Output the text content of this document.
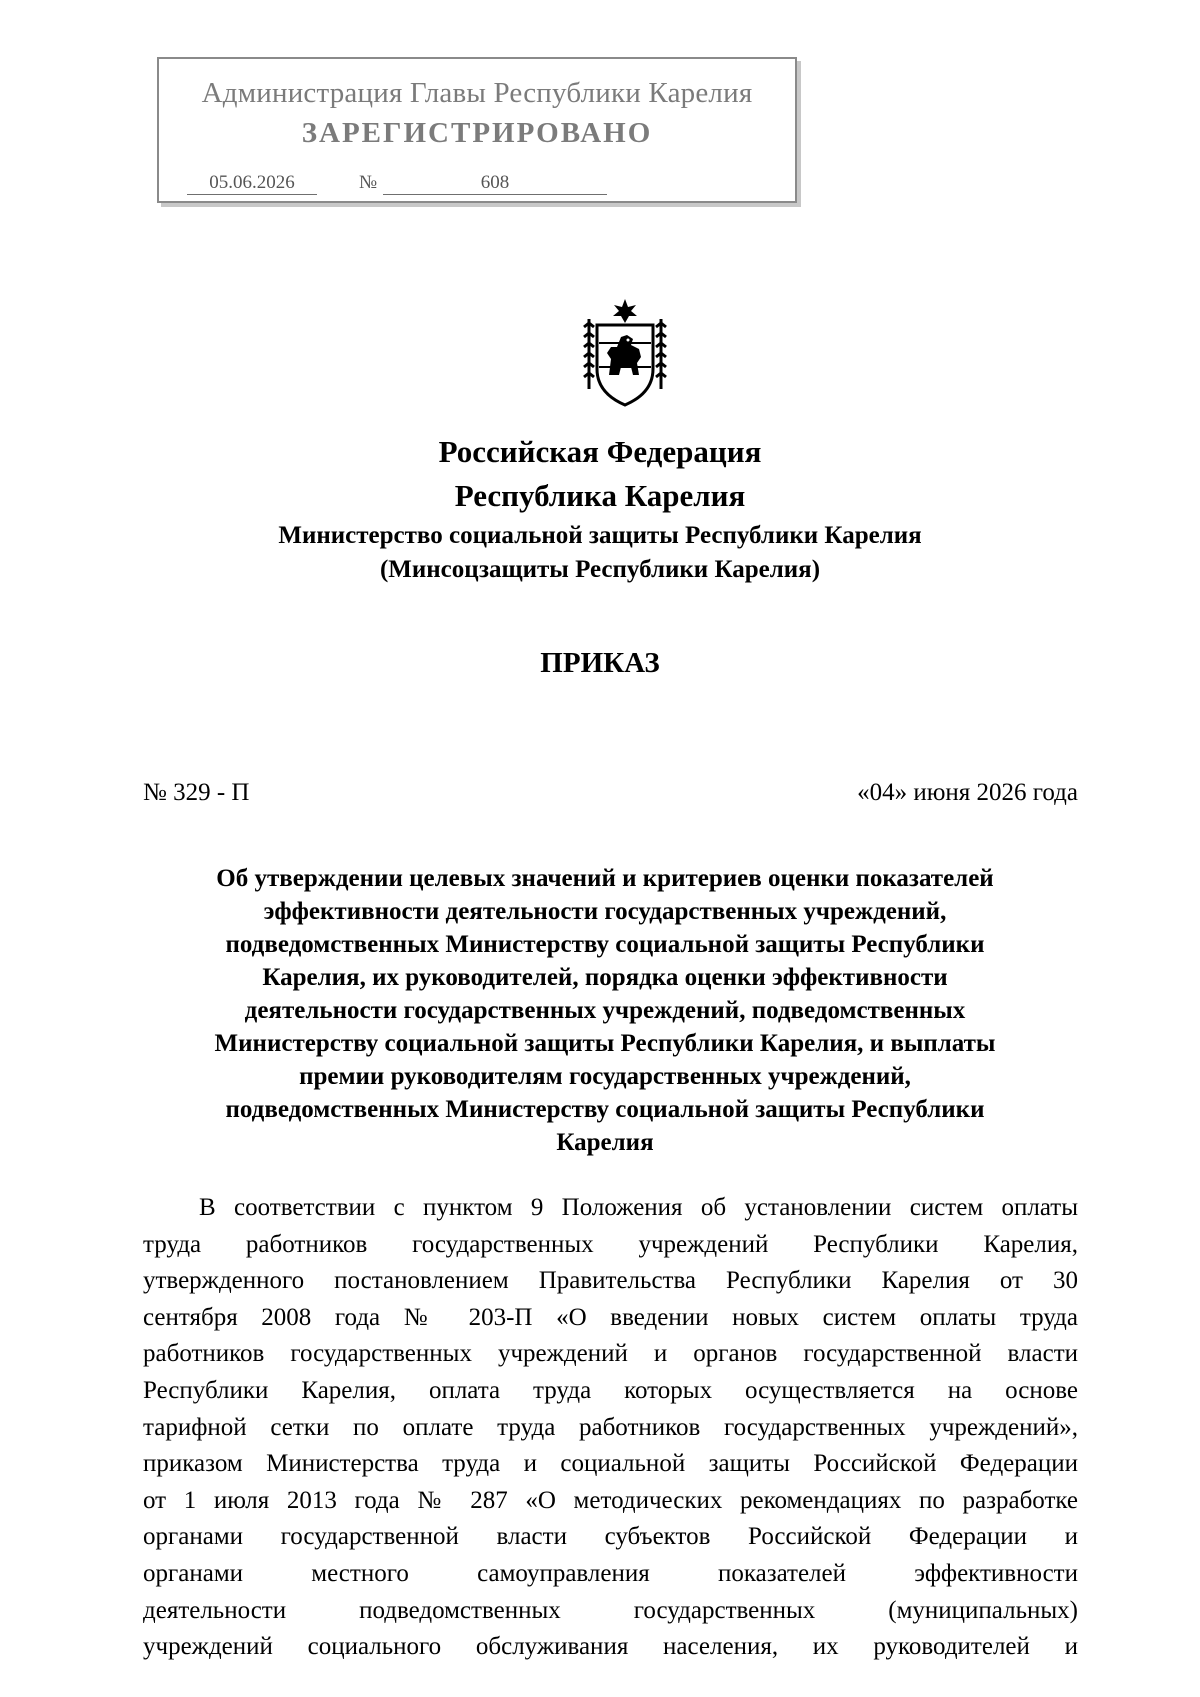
Администрация Главы Республики Карелия
ЗАРЕГИСТРИРОВАНО
05.06.2026	№	608
Российская Федерация
Республика Карелия
Министерство социальной защиты Республики Карелия
(Минсоцзащиты Республики Карелия)
ПРИКАЗ
№ 329 - П	«04» июня 2026 года
Об утверждении целевых значений и критериев оценки показателей
эффективности деятельности государственных учреждений,
подведомственных Министерству социальной защиты Республики
Карелия, их руководителей, порядка оценки эффективности
деятельности государственных учреждений, подведомственных
Министерству социальной защиты Республики Карелия, и выплаты
премии руководителям государственных учреждений,
подведомственных Министерству социальной защиты Республики
Карелия
В соответствии с пунктом 9 Положения об установлении систем оплаты
труда работников государственных учреждений Республики Карелия,
утвержденного постановлением Правительства Республики Карелия от 30
сентября 2008 года № 203-П «О введении новых систем оплаты труда
работников государственных учреждений и органов государственной власти
Республики Карелия, оплата труда которых осуществляется на основе
тарифной сетки по оплате труда работников государственных учреждений»,
приказом Министерства труда и социальной защиты Российской Федерации
от 1 июля 2013 года № 287 «О методических рекомендациях по разработке
органами государственной власти субъектов Российской Федерации и
органами местного самоуправления показателей эффективности
деятельности подведомственных государственных (муниципальных)
учреждений социального обслуживания населения, их руководителей и
